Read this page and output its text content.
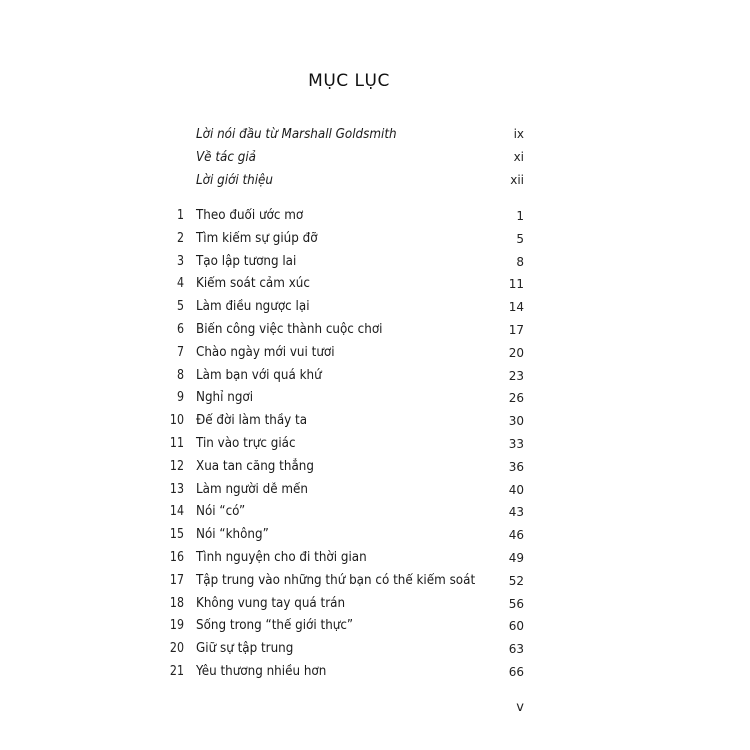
MỤC LỤC
Lời nói đầu từ Marshall Goldsmith	ix
Về tác giả	xi
Lời giới thiệu	xii
1 Theo đuổi ước mơ	1
2 Tìm kiếm sự giúp đỡ	5
3 Tạo lập tương lai	8
4 Kiểm soát cảm xúc	11
5 Làm điều ngược lại	14
6 Biến công việc thành cuộc chơi	17
7 Chào ngày mới vui tươi	20
8 Làm bạn với quá khứ	23
9 Nghỉ ngơi	26
10 Để đời làm thầy ta	30
11 Tin vào trực giác	33
12 Xua tan căng thẳng	36
13 Làm người dễ mến	40
14 Nói “có”	43
15 Nói “không”	46
16 Tình nguyện cho đi thời gian	49
17 Tập trung vào những thứ bạn có thể kiểm soát	52
18 Không vung tay quá trán	56
19 Sống trong “thế giới thực”	60
20 Giữ sự tập trung	63
21 Yêu thương nhiều hơn	66
v
